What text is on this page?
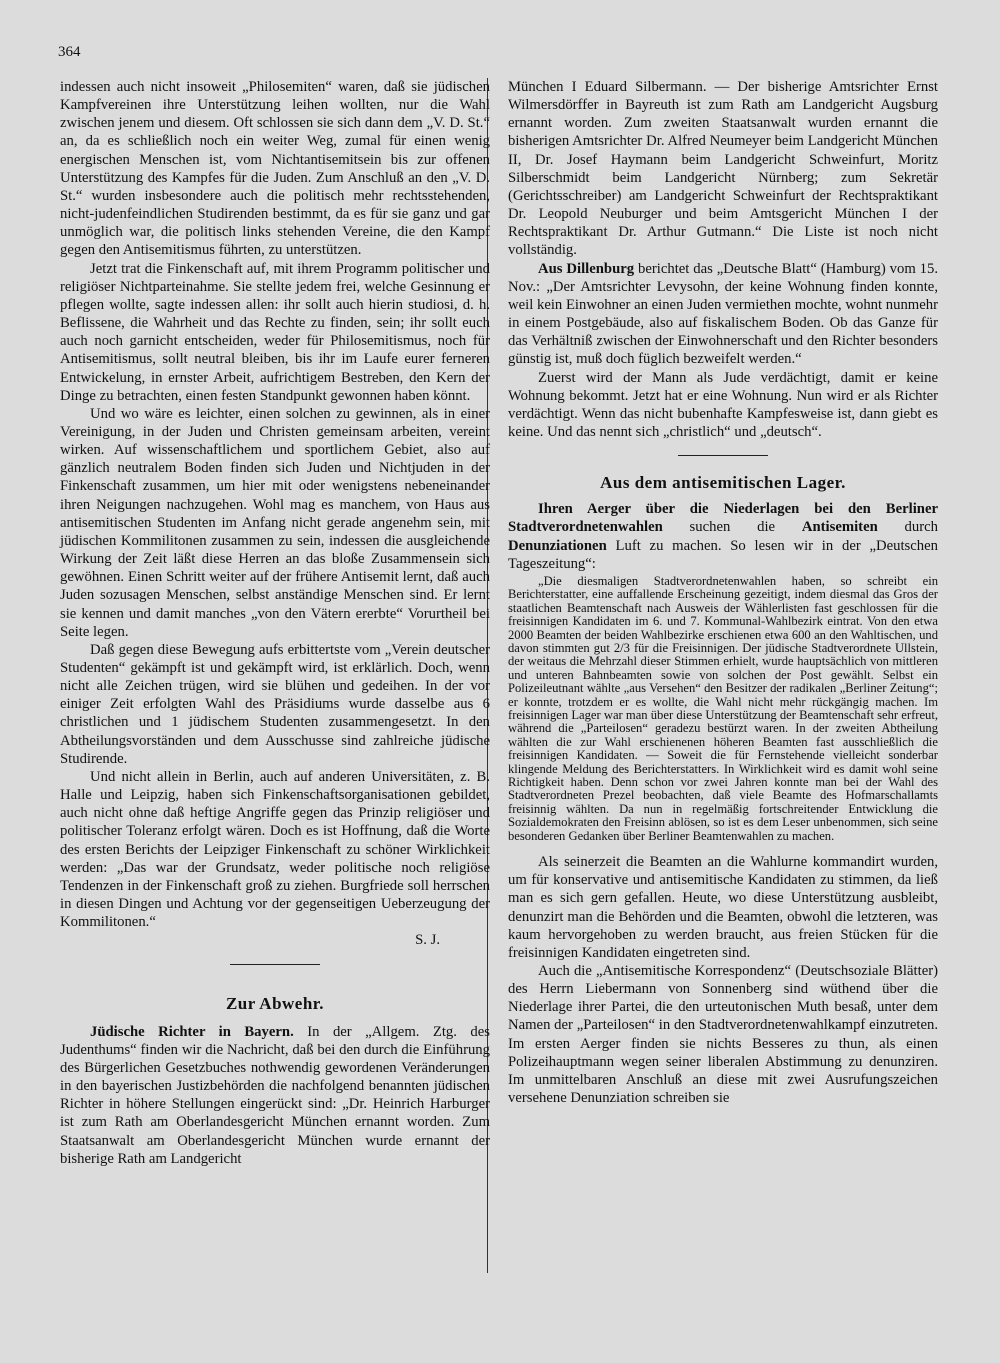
364

indessen auch nicht insoweit „Philosemiten“ waren, daß sie jüdischen Kampfvereinen ihre Unterstützung leihen wollten, nur die Wahl zwischen jenem und diesem. Oft schlossen sie sich dann dem „V. D. St.“ an, da es schließlich noch ein weiter Weg, zumal für einen wenig energischen Menschen ist, vom Nichtantisemitsein bis zur offenen Unterstützung des Kampfes für die Juden. Zum Anschluß an den „V. D. St.“ wurden insbesondere auch die politisch mehr rechtsstehenden, nicht-judenfeindlichen Studirenden bestimmt, da es für sie ganz und gar unmöglich war, die politisch links stehenden Vereine, die den Kampf gegen den Antisemitismus führten, zu unterstützen.

Jetzt trat die Finkenschaft auf, mit ihrem Programm politischer und religiöser Nichtparteinahme. Sie stellte jedem frei, welche Gesinnung er pflegen wollte, sagte indessen allen: ihr sollt auch hierin studiosi, d. h. Beflissene, die Wahrheit und das Rechte zu finden, sein; ihr sollt euch auch noch garnicht entscheiden, weder für Philosemitismus, noch für Antisemitismus, sollt neutral bleiben, bis ihr im Laufe eurer ferneren Entwickelung, in ernster Arbeit, aufrichtigem Bestreben, den Kern der Dinge zu betrachten, einen festen Standpunkt gewonnen haben könnt.

Und wo wäre es leichter, einen solchen zu gewinnen, als in einer Vereinigung, in der Juden und Christen gemeinsam arbeiten, vereint wirken. Auf wissenschaftlichem und sportlichem Gebiet, also auf gänzlich neutralem Boden finden sich Juden und Nichtjuden in der Finkenschaft zusammen, um hier mit oder wenigstens nebeneinander ihren Neigungen nachzugehen. Wohl mag es manchem, von Haus aus antisemitischen Studenten im Anfang nicht gerade angenehm sein, mit jüdischen Kommilitonen zusammen zu sein, indessen die ausgleichende Wirkung der Zeit läßt diese Herren an das bloße Zusammensein sich gewöhnen. Einen Schritt weiter auf der frühere Antisemit lernt, daß auch Juden sozusagen Menschen, selbst anständige Menschen sind. Er lernt sie kennen und damit manches „von den Vätern ererbte“ Vorurtheil bei Seite legen.

Daß gegen diese Bewegung aufs erbittertste vom „Verein deutscher Studenten“ gekämpft ist und gekämpft wird, ist erklärlich. Doch, wenn nicht alle Zeichen trügen, wird sie blühen und gedeihen. In der vor einiger Zeit erfolgten Wahl des Präsidiums wurde dasselbe aus 6 christlichen und 1 jüdischem Studenten zusammengesetzt. In den Abtheilungsvorständen und dem Ausschusse sind zahlreiche jüdische Studirende.

Und nicht allein in Berlin, auch auf anderen Universitäten, z. B. Halle und Leipzig, haben sich Finkenschaftsorganisationen gebildet, auch nicht ohne daß heftige Angriffe gegen das Prinzip religiöser und politischer Toleranz erfolgt wären. Doch es ist Hoffnung, daß die Worte des ersten Berichts der Leipziger Finkenschaft zu schöner Wirklichkeit werden: „Das war der Grundsatz, weder politische noch religiöse Tendenzen in der Finkenschaft groß zu ziehen. Burgfriede soll herrschen in diesen Dingen und Achtung vor der gegenseitigen Ueberzeugung der Kommilitonen.“

S. J.

Zur Abwehr.

Jüdische Richter in Bayern. In der „Allgem. Ztg. des Judenthums“ finden wir die Nachricht, daß bei den durch die Einführung des Bürgerlichen Gesetzbuches nothwendig gewordenen Veränderungen in den bayerischen Justizbehörden die nachfolgend benannten jüdischen Richter in höhere Stellungen eingerückt sind: „Dr. Heinrich Harburger ist zum Rath am Oberlandesgericht München ernannt worden. Zum Staatsanwalt am Oberlandesgericht München wurde ernannt der bisherige Rath am Landgericht

München I Eduard Silbermann. — Der bisherige Amtsrichter Ernst Wilmersdörffer in Bayreuth ist zum Rath am Landgericht Augsburg ernannt worden. Zum zweiten Staatsanwalt wurden ernannt die bisherigen Amtsrichter Dr. Alfred Neumeyer beim Landgericht München II, Dr. Josef Haymann beim Landgericht Schweinfurt, Moritz Silberschmidt beim Landgericht Nürnberg; zum Sekretär (Gerichtsschreiber) am Landgericht Schweinfurt der Rechtspraktikant Dr. Leopold Neuburger und beim Amtsgericht München I der Rechtspraktikant Dr. Arthur Gutmann.“ Die Liste ist noch nicht vollständig.

Aus Dillenburg berichtet das „Deutsche Blatt“ (Hamburg) vom 15. Nov.: „Der Amtsrichter Levysohn, der keine Wohnung finden konnte, weil kein Einwohner an einen Juden vermiethen mochte, wohnt nunmehr in einem Postgebäude, also auf fiskalischem Boden. Ob das Ganze für das Verhältniß zwischen der Einwohnerschaft und den Richter besonders günstig ist, muß doch füglich bezweifelt werden.“

Zuerst wird der Mann als Jude verdächtigt, damit er keine Wohnung bekommt. Jetzt hat er eine Wohnung. Nun wird er als Richter verdächtigt. Wenn das nicht bubenhafte Kampfesweise ist, dann giebt es keine. Und das nennt sich „christlich“ und „deutsch“.

Aus dem antisemitischen Lager.

Ihren Aerger über die Niederlagen bei den Berliner Stadtverordnetenwahlen suchen die Antisemiten durch Denunziationen Luft zu machen. So lesen wir in der „Deutschen Tageszeitung“:

„Die diesmaligen Stadtverordnetenwahlen haben, so schreibt ein Berichterstatter, eine auffallende Erscheinung gezeitigt, indem diesmal das Gros der staatlichen Beamtenschaft nach Ausweis der Wählerlisten fast geschlossen für die freisinnigen Kandidaten im 6. und 7. Kommunal-Wahlbezirk eintrat. Von den etwa 2000 Beamten der beiden Wahlbezirke erschienen etwa 600 an den Wahltischen, und davon stimmten gut 2/3 für die Freisinnigen. Der jüdische Stadtverordnete Ullstein, der weitaus die Mehrzahl dieser Stimmen erhielt, wurde hauptsächlich von mittleren und unteren Bahnbeamten sowie von solchen der Post gewählt. Selbst ein Polizeileutnant wählte „aus Versehen“ den Besitzer der radikalen „Berliner Zeitung“; er konnte, trotzdem er es wollte, die Wahl nicht mehr rückgängig machen. Im freisinnigen Lager war man über diese Unterstützung der Beamtenschaft sehr erfreut, während die „Parteilosen“ geradezu bestürzt waren. In der zweiten Abtheilung wählten die zur Wahl erschienenen höheren Beamten fast ausschließlich die freisinnigen Kandidaten. — Soweit die für Fernstehende vielleicht sonderbar klingende Meldung des Berichterstatters. In Wirklichkeit wird es damit wohl seine Richtigkeit haben. Denn schon vor zwei Jahren konnte man bei der Wahl des Stadtverordneten Prezel beobachten, daß viele Beamte des Hofmarschallamts freisinnig wählten. Da nun in regelmäßig fortschreitender Entwicklung die Sozialdemokraten den Freisinn ablösen, so ist es dem Leser unbenommen, sich seine besonderen Gedanken über Berliner Beamtenwahlen zu machen.

Als seinerzeit die Beamten an die Wahlurne kommandirt wurden, um für konservative und antisemitische Kandidaten zu stimmen, da ließ man es sich gern gefallen. Heute, wo diese Unterstützung ausbleibt, denunzirt man die Behörden und die Beamten, obwohl die letzteren, was kaum hervorgehoben zu werden braucht, aus freien Stücken für die freisinnigen Kandidaten eingetreten sind.

Auch die „Antisemitische Korrespondenz“ (Deutschsoziale Blätter) des Herrn Liebermann von Sonnenberg sind wüthend über die Niederlage ihrer Partei, die den urteutonischen Muth besaß, unter dem Namen der „Parteilosen“ in den Stadtverordnetenwahlkampf einzutreten. Im ersten Aerger finden sie nichts Besseres zu thun, als einen Polizeihauptmann wegen seiner liberalen Abstimmung zu denunziren. Im unmittelbaren Anschluß an diese mit zwei Ausrufungszeichen versehene Denunziation schreiben sie
